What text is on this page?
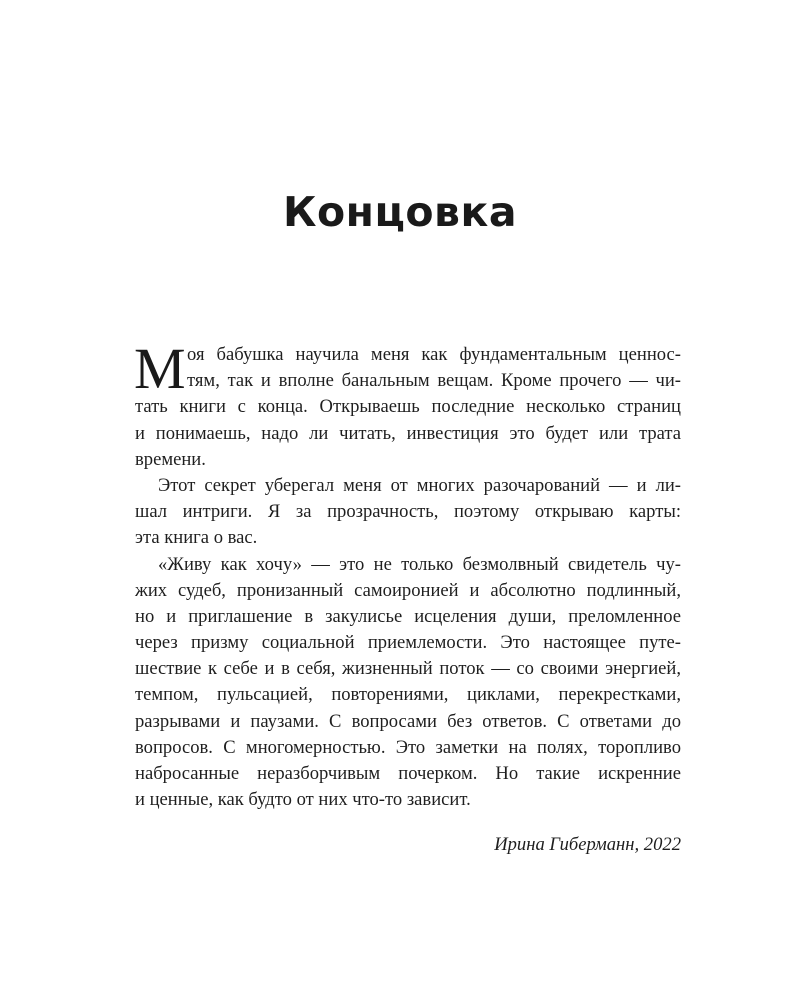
Концовка
М оя бабушка научила меня как фундаментальным ценнос-
тям, так и вполне банальным вещам. Кроме прочего — чи-
тать книги с конца. Открываешь последние несколько страниц
и понимаешь, надо ли читать, инвестиция это будет или трата
времени.
Этот секрет уберегал меня от многих разочарований — и ли-
шал интриги. Я за прозрачность, поэтому открываю карты:
эта книга о вас.
«Живу как хочу» — это не только безмолвный свидетель чу-
жих судеб, пронизанный самоиронией и абсолютно подлинный,
но и приглашение в закулисье исцеления души, преломленное
через призму социальной приемлемости. Это настоящее путе-
шествие к себе и в себя, жизненный поток — со своими энергией,
темпом, пульсацией, повторениями, циклами, перекрестками,
разрывами и паузами. С вопросами без ответов. С ответами до
вопросов. С многомерностью. Это заметки на полях, торопливо
набросанные неразборчивым почерком. Но такие искренние
и ценные, как будто от них что-то зависит.
Ирина Гиберманн, 2022
